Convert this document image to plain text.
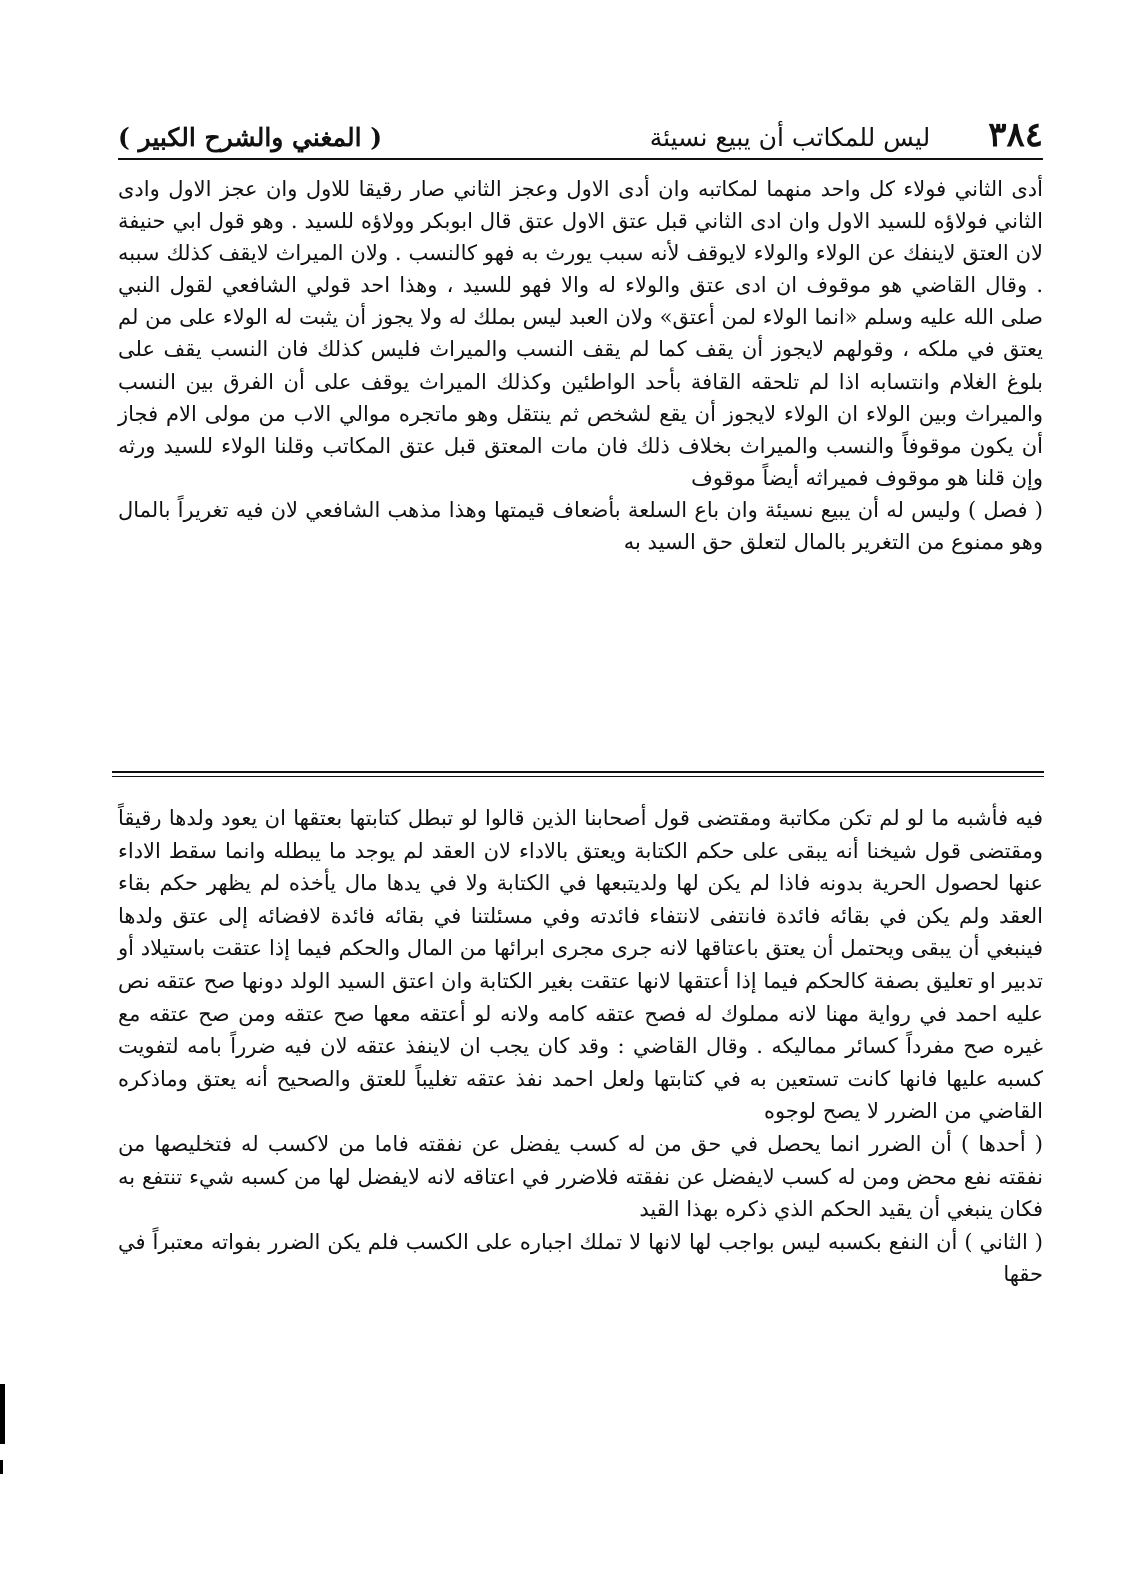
٣٨٤
ليس للمكاتب أن يبيع نسيئة
( المغني والشرح الكبير )

أدى الثاني فولاء كل واحد منهما لمكاتبه وان أدى الاول وعجز الثاني صار رقيقا للاول وان عجز الاول وادى الثاني فولاؤه للسيد الاول وان ادى الثاني قبل عتق الاول عتق قال ابوبكر وولاؤه للسيد . وهو قول ابي حنيفة لان العتق لاينفك عن الولاء والولاء لايوقف لأنه سبب يورث به فهو كالنسب . ولان الميراث لايقف كذلك سببه . وقال القاضي هو موقوف ان ادى عتق والولاء له والا فهو للسيد ، وهذا احد قولي الشافعي لقول النبي صلى الله عليه وسلم «انما الولاء لمن أعتق» ولان العبد ليس بملك له ولا يجوز أن يثبت له الولاء على من لم يعتق في ملكه ، وقولهم لايجوز أن يقف كما لم يقف النسب والميراث فليس كذلك فان النسب يقف على بلوغ الغلام وانتسابه اذا لم تلحقه القافة بأحد الواطئين وكذلك الميراث يوقف على أن الفرق بين النسب والميراث وبين الولاء ان الولاء لايجوز أن يقع لشخص ثم ينتقل وهو ماتجره موالي الاب من مولى الام فجاز أن يكون موقوفاً والنسب والميراث بخلاف ذلك فان مات المعتق قبل عتق المكاتب وقلنا الولاء للسيد ورثه وإن قلنا هو موقوف فميراثه أيضاً موقوف

( فصل ) وليس له أن يبيع نسيئة وان باع السلعة بأضعاف قيمتها وهذا مذهب الشافعي لان فيه تغريراً بالمال وهو ممنوع من التغرير بالمال لتعلق حق السيد به

فيه فأشبه ما لو لم تكن مكاتبة ومقتضى قول أصحابنا الذين قالوا لو تبطل كتابتها بعتقها ان يعود ولدها رقيقاً ومقتضى قول شيخنا أنه يبقى على حكم الكتابة ويعتق بالاداء لان العقد لم يوجد ما يبطله وانما سقط الاداء عنها لحصول الحرية بدونه فاذا لم يكن لها ولديتبعها في الكتابة ولا في يدها مال يأخذه لم يظهر حكم بقاء العقد ولم يكن في بقائه فائدة فانتفى لانتفاء فائدته وفي مسئلتنا في بقائه فائدة لافضائه إلى عتق ولدها فينبغي أن يبقى ويحتمل أن يعتق باعتاقها لانه جرى مجرى ابرائها من المال والحكم فيما إذا عتقت باستيلاد أو تدبير او تعليق بصفة كالحكم فيما إذا أعتقها لانها عتقت بغير الكتابة وان اعتق السيد الولد دونها صح عتقه نص عليه احمد في رواية مهنا لانه مملوك له فصح عتقه كامه ولانه لو أعتقه معها صح عتقه ومن صح عتقه مع غيره صح مفرداً كسائر مماليكه . وقال القاضي : وقد كان يجب ان لاينفذ عتقه لان فيه ضرراً بامه لتفويت كسبه عليها فانها كانت تستعين به في كتابتها ولعل احمد نفذ عتقه تغليباً للعتق والصحيح أنه يعتق وماذكره القاضي من الضرر لا يصح لوجوه

( أحدها ) أن الضرر انما يحصل في حق من له كسب يفضل عن نفقته فاما من لاكسب له فتخليصها من نفقته نفع محض ومن له كسب لايفضل عن نفقته فلاضرر في اعتاقه لانه لايفضل لها من كسبه شيء تنتفع به فكان ينبغي أن يقيد الحكم الذي ذكره بهذا القيد

( الثاني ) أن النفع بكسبه ليس بواجب لها لانها لا تملك اجباره على الكسب فلم يكن الضرر بفواته معتبراً في حقها
